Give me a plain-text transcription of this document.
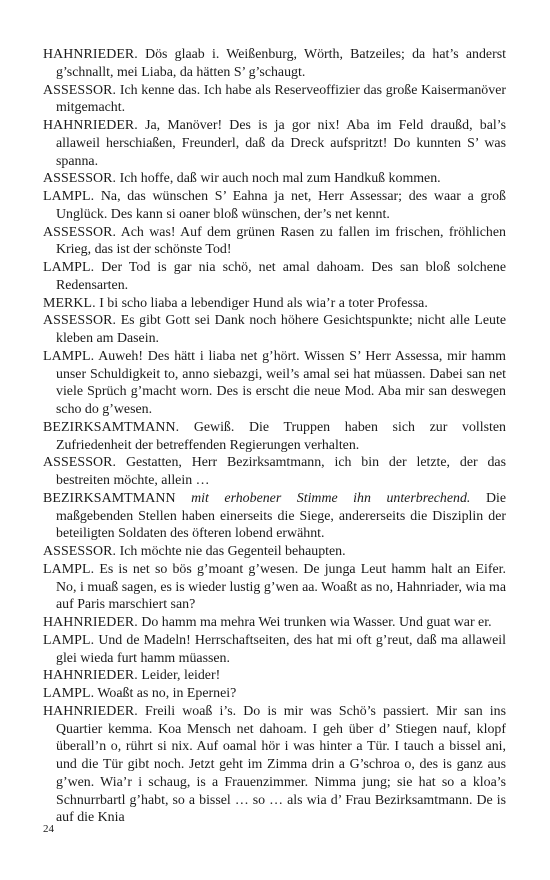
HAHNRIEDER. Dös glaab i. Weißenburg, Wörth, Batzeiles; da hat’s anderst g’schnallt, mei Liaba, da hätten S’ g’schaugt.

ASSESSOR. Ich kenne das. Ich habe als Reserveoffizier das große Kaisermanöver mitgemacht.

HAHNRIEDER. Ja, Manöver! Des is ja gor nix! Aba im Feld draußd, bal’s allaweil herschiaßen, Freunderl, daß da Dreck aufspritzt! Do kunnten S’ was spanna.

ASSESSOR. Ich hoffe, daß wir auch noch mal zum Handkuß kommen.

LAMPL. Na, das wünschen S’ Eahna ja net, Herr Assessar; des waar a groß Unglück. Des kann si oaner bloß wünschen, der’s net kennt.

ASSESSOR. Ach was! Auf dem grünen Rasen zu fallen im frischen, fröhlichen Krieg, das ist der schönste Tod!

LAMPL. Der Tod is gar nia schö, net amal dahoam. Des san bloß solchene Redensarten.

MERKL. I bi scho liaba a lebendiger Hund als wia’r a toter Professa.

ASSESSOR. Es gibt Gott sei Dank noch höhere Gesichtspunkte; nicht alle Leute kleben am Dasein.

LAMPL. Auweh! Des hätt i liaba net g’hört. Wissen S’ Herr Assessa, mir hamm unser Schuldigkeit to, anno siebazgi, weil’s amal sei hat müassen. Dabei san net viele Sprüch g’macht worn. Des is erscht die neue Mod. Aba mir san deswegen scho do g’wesen.

BEZIRKSAMTMANN. Gewiß. Die Truppen haben sich zur vollsten Zufriedenheit der betreffenden Regierungen verhalten.

ASSESSOR. Gestatten, Herr Bezirksamtmann, ich bin der letzte, der das bestreiten möchte, allein …

BEZIRKSAMTMANN mit erhobener Stimme ihn unterbrechend. Die maßgebenden Stellen haben einerseits die Siege, andererseits die Disziplin der beteiligten Soldaten des öfteren lobend erwähnt.

ASSESSOR. Ich möchte nie das Gegenteil behaupten.

LAMPL. Es is net so bös g’moant g’wesen. De junga Leut hamm halt an Eifer. No, i muaß sagen, es is wieder lustig g’wen aa. Woaßt as no, Hahnriader, wia ma auf Paris marschiert san?

HAHNRIEDER. Do hamm ma mehra Wei trunken wia Wasser. Und guat war er.

LAMPL. Und de Madeln! Herrschaftseiten, des hat mi oft g’reut, daß ma allaweil glei wieda furt hamm müassen.

HAHNRIEDER. Leider, leider!

LAMPL. Woaßt as no, in Epernei?

HAHNRIEDER. Freili woaß i’s. Do is mir was Schö’s passiert. Mir san ins Quartier kemma. Koa Mensch net dahoam. I geh über d’ Stiegen nauf, klopf überall’n o, rührt si nix. Auf oamal hör i was hinter a Tür. I tauch a bissel ani, und die Tür gibt noch. Jetzt geht im Zimma drin a G’schroa o, des is ganz aus g’wen. Wia’r i schaug, is a Frauenzimmer. Nimma jung; sie hat so a kloa’s Schnurrbartl g’habt, so a bissel … so … als wia d’ Frau Bezirksamtmann. De is auf die Knia

24
